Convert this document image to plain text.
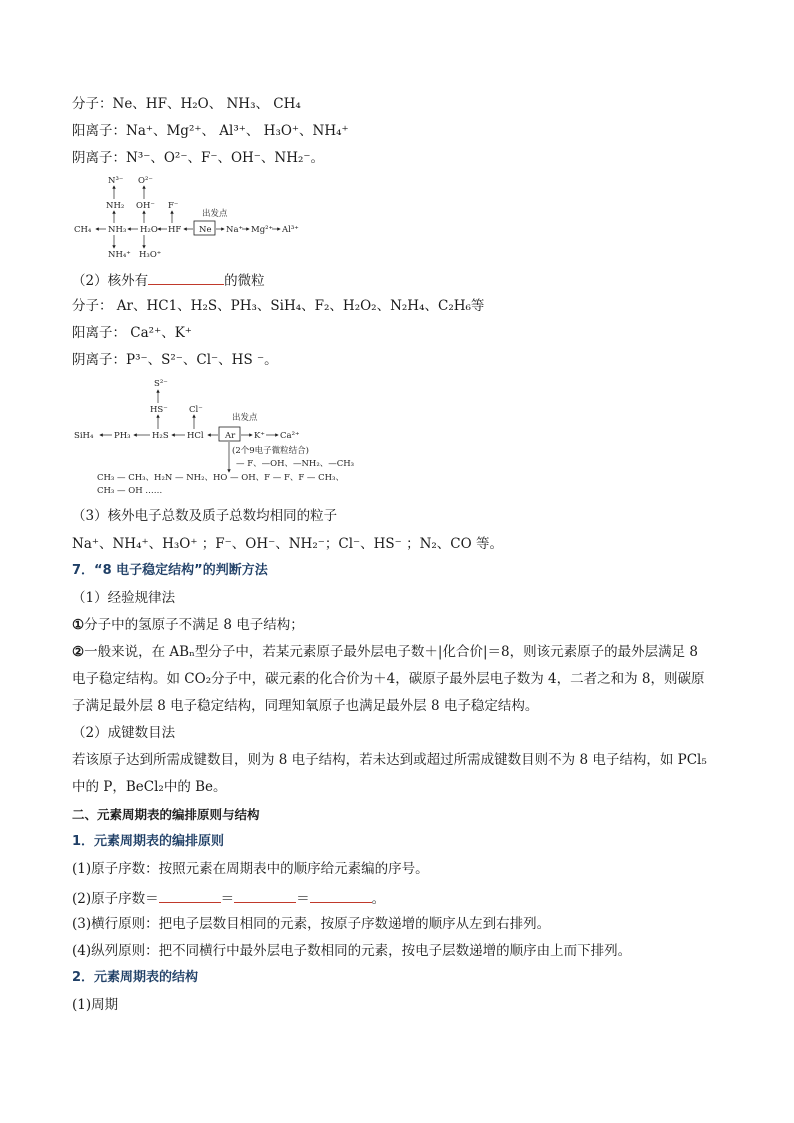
分子：Ne、HF、H₂O、 NH₃、 CH₄
阳离子：Na⁺、Mg²⁺、 Al³⁺、 H₃O⁺、NH₄⁺
阴离子：N³⁻、O²⁻、F⁻、OH⁻、NH₂⁻。
N³⁻
NH₂
O²⁻
OH⁻ F⁻
出发点
CH₄ NH₃ H₂O HF Ne Na⁺ Mg²⁺ Al³⁺
NH₄⁺ H₃O⁺
（2）核外有	的微粒
分子： Ar、HC1、H₂S、PH₃、SiH₄、F₂、H₂O₂、N₂H₄、C₂H₆等
阳离子： Ca²⁺、K⁺
阴离子：P³⁻、S²⁻、Cl⁻、HS ⁻。
S²⁻
HS⁻	Cl⁻
出发点
SiH₄ PH₃	H₂S HCl	Ar K⁺ Ca²⁺
(2个9电子微粒结合)
— F、—OH、—NH₂、—CH₃
CH₃ — CH₃、H₂N — NH₂、HO — OH、F — F、F — CH₃、
CH₃ — OH ……
（3）核外电子总数及质子总数均相同的粒子
Na⁺、NH₄⁺、H₃O⁺ ；F⁻、OH⁻、NH₂⁻；Cl⁻、HS⁻ ；N₂、CO 等。
7．“8 电子稳定结构”的判断方法
（1）经验规律法
①分子中的氢原子不满足 8 电子结构；
②一般来说，在 ABₙ型分子中，若某元素原子最外层电子数＋|化合价|＝8，则该元素原子的最外层满足 8
电子稳定结构。如 CO₂分子中，碳元素的化合价为＋4，碳原子最外层电子数为 4，二者之和为 8，则碳原
子满足最外层 8 电子稳定结构，同理知氧原子也满足最外层 8 电子稳定结构。
（2）成键数目法
若该原子达到所需成键数目，则为 8 电子结构，若未达到或超过所需成键数目则不为 8 电子结构，如 PCl₅
中的 P，BeCl₂中的 Be。
二、元素周期表的编排原则与结构
1．元素周期表的编排原则
(1)原子序数：按照元素在周期表中的顺序给元素编的序号。
(2)原子序数＝	＝	＝	。
(3)横行原则：把电子层数目相同的元素，按原子序数递增的顺序从左到右排列。
(4)纵列原则：把不同横行中最外层电子数相同的元素，按电子层数递增的顺序由上而下排列。
2．元素周期表的结构
(1)周期
